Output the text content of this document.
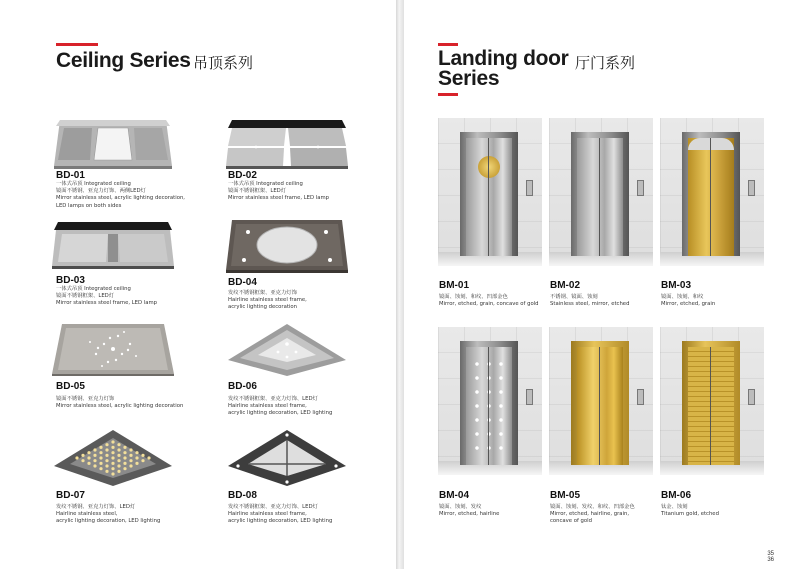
Ceiling Series 吊顶系列
BD-01
一体式吊顶 Integrated ceiling
镜面不锈钢、亚克力灯饰、两侧LED灯
Mirror stainless steel, acrylic lighting decoration,
LED lamps on both sides
BD-02
一体式吊顶 Integrated ceiling
镜面不锈钢框架、LED灯
Mirror stainless steel frame, LED lamp
BD-03
一体式吊顶 Integrated ceiling
镜面不锈钢框架、LED灯
Mirror stainless steel frame, LED lamp
BD-04
发纹不锈钢框架、亚克力灯饰
Hairline stainless steel frame,
acrylic lighting decoration
BD-05
镜面不锈钢、亚克力灯饰
Mirror stainless steel, acrylic lighting decoration
BD-06
发纹不锈钢框架、亚克力灯饰、LED灯
Hairline stainless steel frame,
acrylic lighting decoration, LED lighting
BD-07
发纹不锈钢、亚克力灯饰、LED灯
Hairline stainless steel,
acrylic lighting decoration, LED lighting
BD-08
发纹不锈钢框架、亚克力灯饰、LED灯
Hairline stainless steel frame,
acrylic lighting decoration, LED lighting
Landing door
Series
厅门系列
BM-01
镜面、蚀刻、和纹、凹部金色
Mirror, etched, grain, concave of gold
BM-02
不锈钢、镜面、蚀刻
Stainless steel, mirror, etched
BM-03
镜面、蚀刻、和纹
Mirror, etched, grain
BM-04
镜面、蚀刻、发纹
Mirror, etched, hairline
BM-05
镜面、蚀刻、发纹、和纹、凹部金色
Mirror, etched, hairline, grain,
concave of gold
BM-06
钛金、蚀刻
Titanium gold, etched
35
36
